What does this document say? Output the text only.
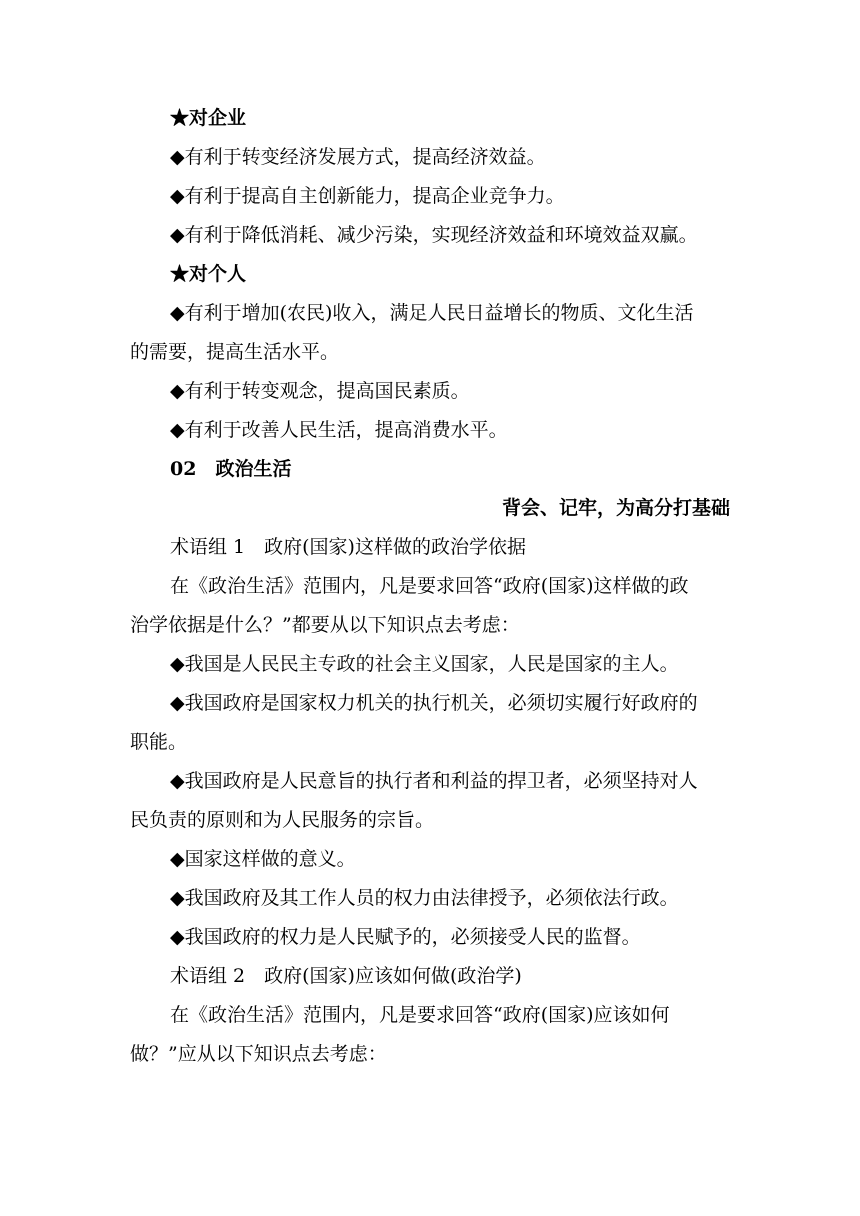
★对企业
◆有利于转变经济发展方式，提高经济效益。
◆有利于提高自主创新能力，提高企业竞争力。
◆有利于降低消耗、减少污染，实现经济效益和环境效益双赢。
★对个人
◆有利于增加(农民)收入，满足人民日益增长的物质、文化生活
的需要，提高生活水平。
◆有利于转变观念，提高国民素质。
◆有利于改善人民生活，提高消费水平。
02　政治生活
背会、记牢，为高分打基础
术语组 1　政府(国家)这样做的政治学依据
在《政治生活》范围内，凡是要求回答“政府(国家)这样做的政
治学依据是什么？”都要从以下知识点去考虑：
◆我国是人民民主专政的社会主义国家，人民是国家的主人。
◆我国政府是国家权力机关的执行机关，必须切实履行好政府的
职能。
◆我国政府是人民意旨的执行者和利益的捍卫者，必须坚持对人
民负责的原则和为人民服务的宗旨。
◆国家这样做的意义。
◆我国政府及其工作人员的权力由法律授予，必须依法行政。
◆我国政府的权力是人民赋予的，必须接受人民的监督。
术语组 2　政府(国家)应该如何做(政治学)
在《政治生活》范围内，凡是要求回答“政府(国家)应该如何
做？”应从以下知识点去考虑：
